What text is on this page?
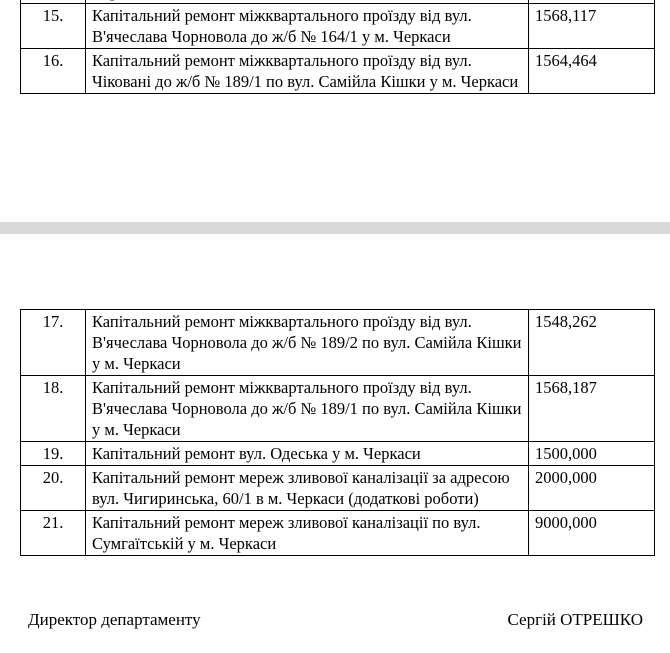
15.	Капітальний ремонт міжквартального проїзду від вул. В'ячеслава Чорновола до ж/б № 164/1 у м. Черкаси	1568,117
16.	Капітальний ремонт міжквартального проїзду від вул. Чіковані до ж/б № 189/1 по вул. Самійла Кішки у м. Черкаси	1564,464
17.	Капітальний ремонт міжквартального проїзду від вул. В'ячеслава Чорновола до ж/б № 189/2 по вул. Самійла Кішки у м. Черкаси	1548,262
18.	Капітальний ремонт міжквартального проїзду від вул. В'ячеслава Чорновола до ж/б № 189/1 по вул. Самійла Кішки у м. Черкаси	1568,187
19.	Капітальний ремонт вул. Одеська у м. Черкаси	1500,000
20.	Капітальний ремонт мереж зливової каналізації за адресою вул. Чигиринська, 60/1 в м. Черкаси (додаткові роботи)	2000,000
21.	Капітальний ремонт мереж зливової каналізації по вул. Сумгаїтській у м. Черкаси	9000,000
Директор департаменту	Сергій ОТРЕШКО
